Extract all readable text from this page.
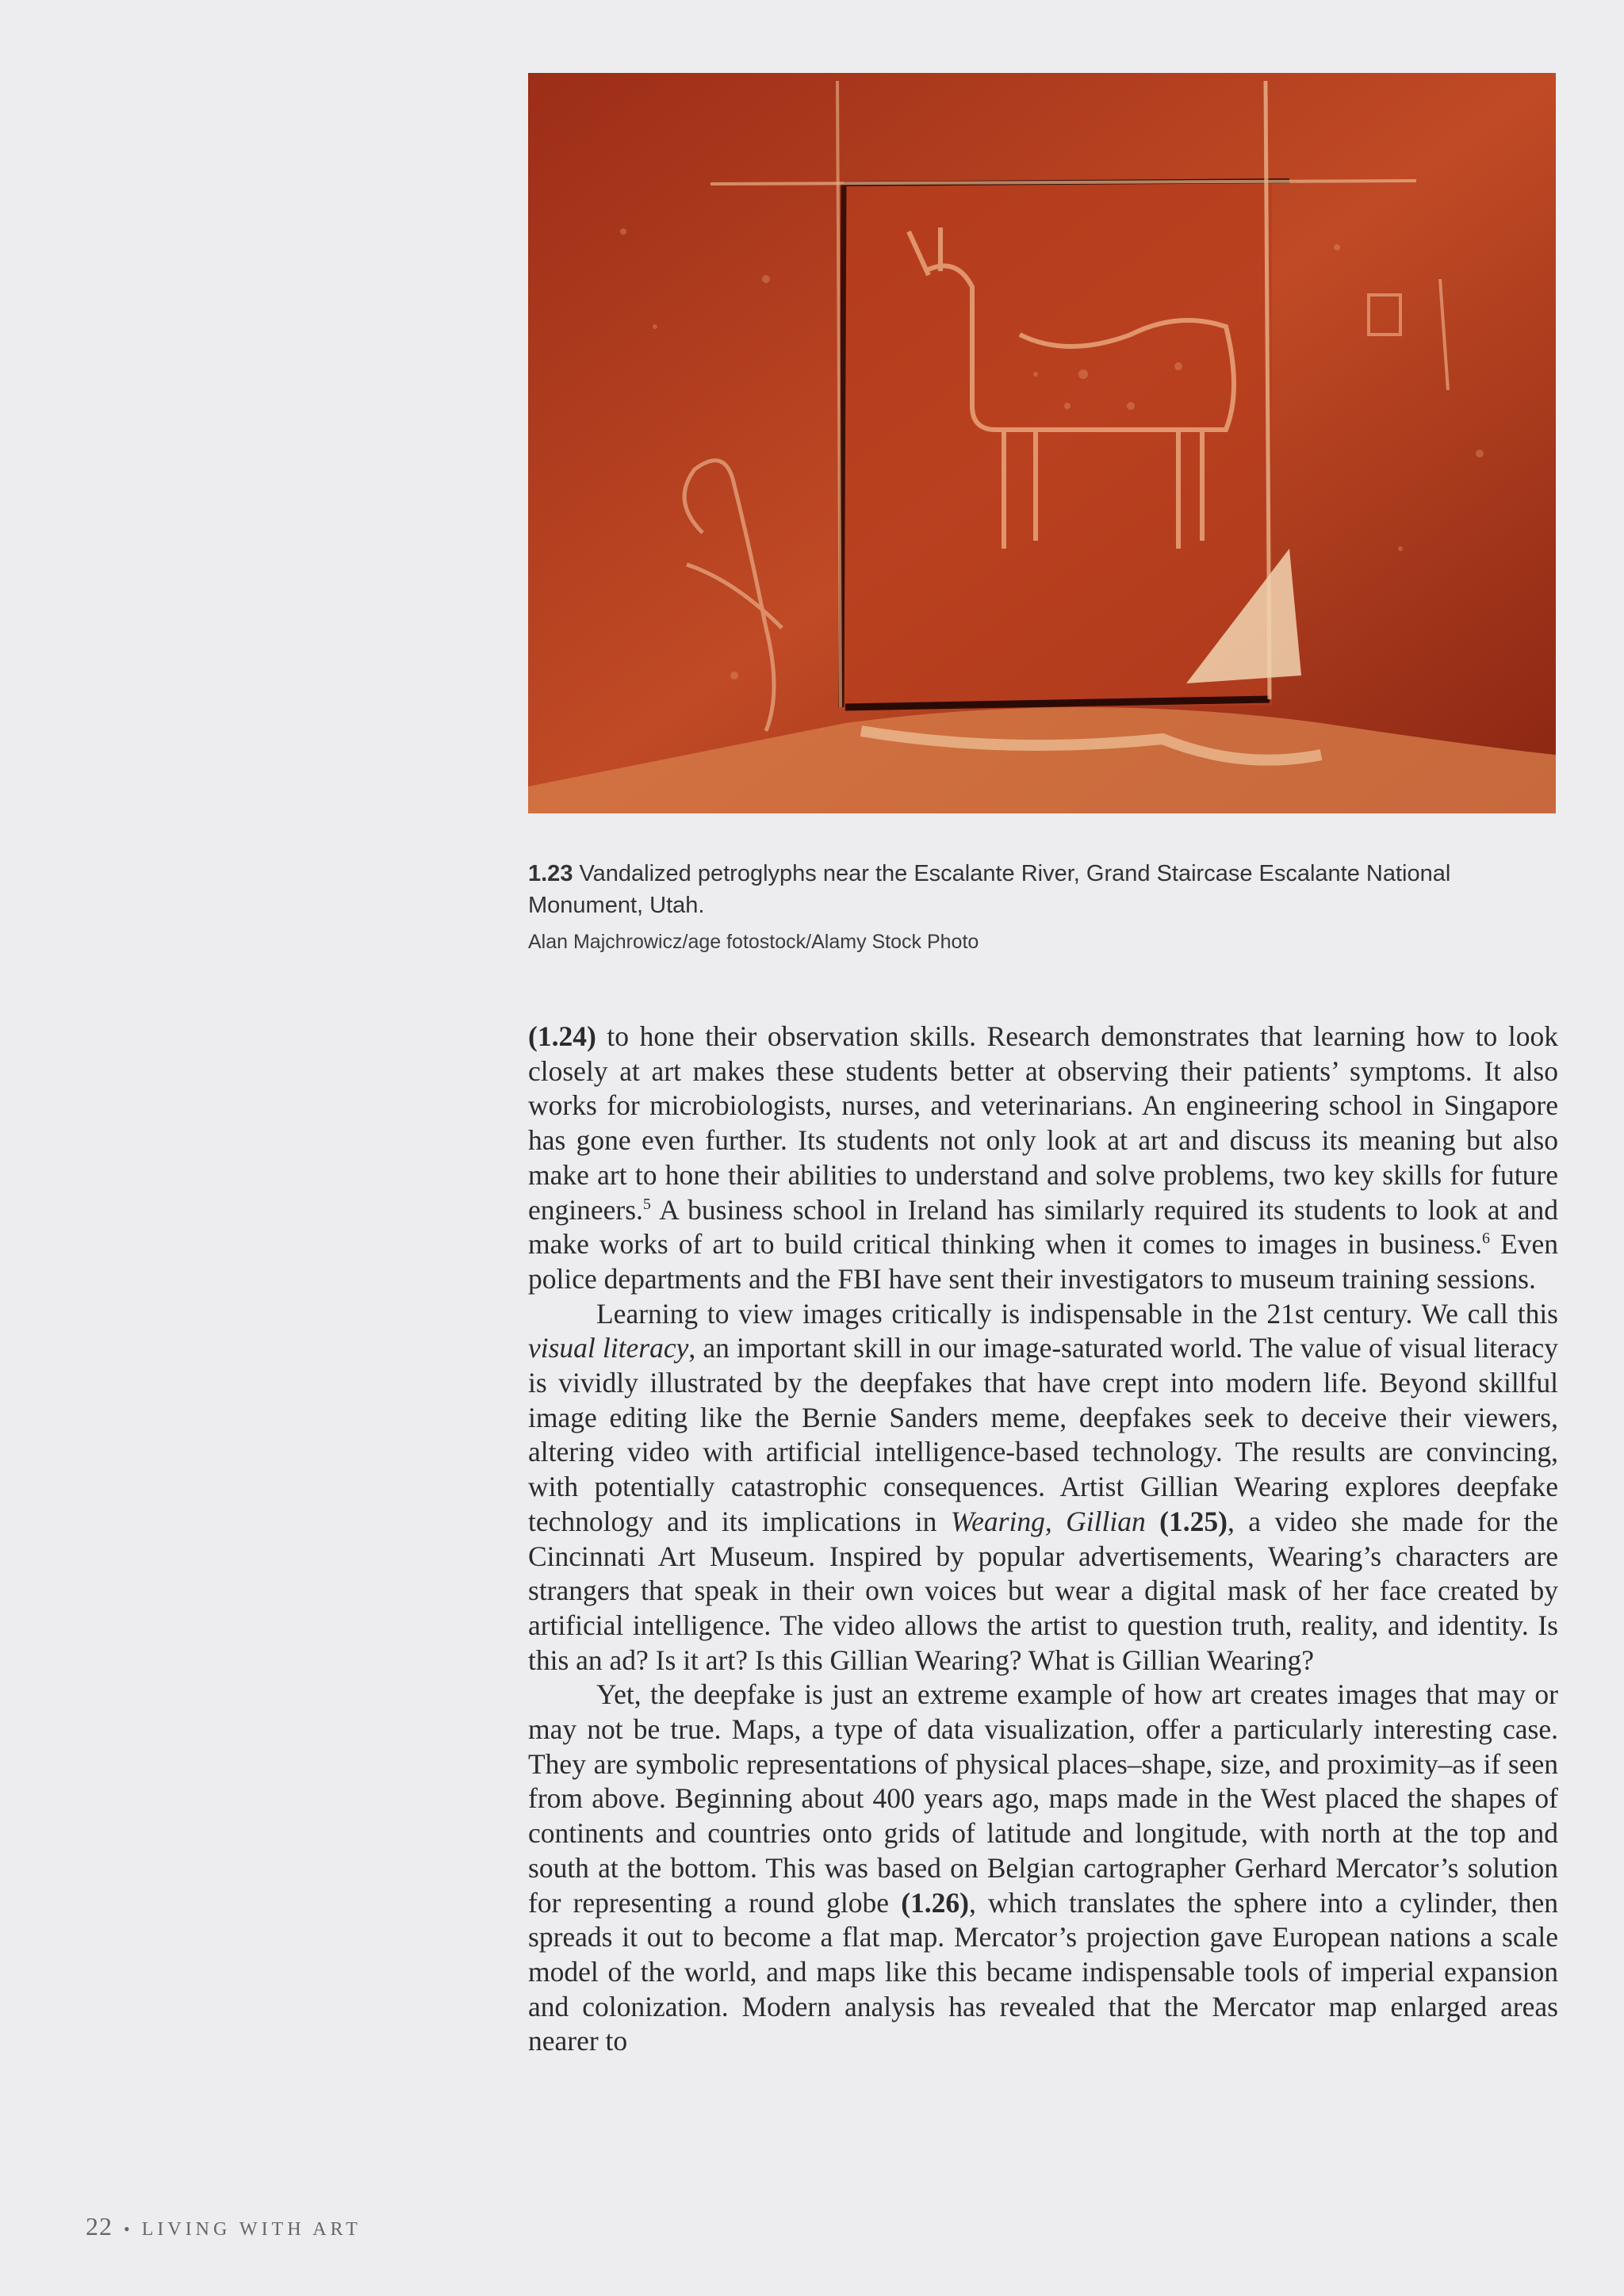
1.23 Vandalized petroglyphs near the Escalante River, Grand Staircase Escalante National Monument, Utah.

Alan Majchrowicz/age fotostock/Alamy Stock Photo

(1.24) to hone their observation skills. Research demonstrates that learning how to look closely at art makes these students better at observing their patients’ symptoms. It also works for microbiologists, nurses, and veterinarians. An engineering school in Singapore has gone even further. Its students not only look at art and discuss its meaning but also make art to hone their abilities to understand and solve problems, two key skills for future engineers.$^5$ A business school in Ireland has similarly required its students to look at and make works of art to build critical thinking when it comes to images in business.$^6$ Even police departments and the FBI have sent their investigators to museum training sessions.

Learning to view images critically is indispensable in the 21st century. We call this visual literacy, an important skill in our image-saturated world. The value of visual literacy is vividly illustrated by the deepfakes that have crept into modern life. Beyond skillful image editing like the Bernie Sanders meme, deepfakes seek to deceive their viewers, altering video with artificial intelligence-based technology. The results are convincing, with potentially catastrophic consequences. Artist Gillian Wearing explores deepfake technology and its implications in Wearing, Gillian (1.25), a video she made for the Cincinnati Art Museum. Inspired by popular advertisements, Wearing’s characters are strangers that speak in their own voices but wear a digital mask of her face created by artificial intelligence. The video allows the artist to question truth, reality, and identity. Is this an ad? Is it art? Is this Gillian Wearing? What is Gillian Wearing?

Yet, the deepfake is just an extreme example of how art creates images that may or may not be true. Maps, a type of data visualization, offer a particularly interesting case. They are symbolic representations of physical places–shape, size, and proximity–as if seen from above. Beginning about 400 years ago, maps made in the West placed the shapes of continents and countries onto grids of latitude and longitude, with north at the top and south at the bottom. This was based on Belgian cartographer Gerhard Mercator’s solution for representing a round globe (1.26), which translates the sphere into a cylinder, then spreads it out to become a flat map. Mercator’s projection gave European nations a scale model of the world, and maps like this became indispensable tools of imperial expansion and colonization. Modern analysis has revealed that the Mercator map enlarged areas nearer to

22 • LIVING WITH ART
